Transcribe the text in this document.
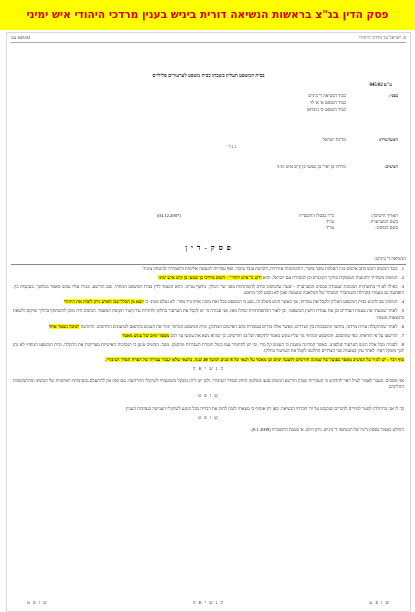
פסק הדין בג"צ בראשות הנשיאה דורית ביניש בענין מרדכי היהודי איש ימיני
ס. ישראל נגד מרדכי היהודי
845/02 עמ
בבית המשפט העליון בשבתו כבית משפט לערעורים פליליים
ע"פ 845/02
בפני:
כבוד הנשיאה ד' ביניש
כבוד השופט א' א' לוי
כבוד השופט ס' ג'ובראן
המערערת:
מדינת ישראל
נ ג ד
המשיב:
מרדכי בן יאיר בן שמעי בן קיש איש ימיני
תאריך הישיבה:
כ"ד בכסלו התשס"ח
בשם המערערת:
עו"ד
בשם המשיב:
עו"ד
(04.12.2007)
פ ס ק - ד י ן
הנשיאה ד' ביניש:
1.כנגד המשיב הוגש כתב אישום בגין העלמת עובד ציבור, התקוממות אזרחית, הקרעת עובד ציבור, ואף עבירות למעשה אלימות והשמירה לביטחון ציבור.
2.המשיב משתייך לתנועות העוסקות בחקר הקונגרס וכן למסורת עם ישראל, והוא ידוע כ"איש יהודי" - חשוב מרדכי בן שמעי בן קיש איש ימיני
3.כאילו לא די בתשתיות המגוונת שעמדה בבסיס המערערת - שעה שהמשיב סירב להשתחוות בפני שר המלך, נחשף עניינו, והוא הועמד לדין בבית המשפט המחוזי, שם הורשע, ונגזרו עליו עונש מאסר ממושך. בעקבות כך, הופתעה גם מעמדו בקהילה כשנתברר המבחר של המלאכה שנעשה ואכן לא נקבע לכך מראש.
4.המשיב שב להגיע בבית המשפט העליון ולקבל את עמדתו, אך כאשר הגיע בשלב זה, טען כי המשפט בכל זאת מזכה אותו ביד אחר. לא נעלם מעיני כי יוצא מן הכלל שבו האיש ניתן לזכות את היהודי
5.לאחר שמעתי את טענות הצדדים וכן את עמדת היועץ המשפטי, וכן לאור ההתפתחויות שחלו מאז, אני סבורה כי יש לקבל את הערעור בחלקו ולהורות על קיצור תקופת המאסר. המשיב היה מוכן להשתתף בהליך שיקום ולשאת בתוצאות מעשיו.
6.לאחר שהתקבלה עדות מרדכי, נחתמו ההסכמות בין הצדדים, כאשר אלה מודים בעובדות כתב האישום המתוקן, ובית המשפט המחוזי יגזור את העונש בהתאם לטיעונים החדשים. ההודעה ישיבה נשאר אחד
7.הורשעו על פי הודאתו, כפי שהוסכם, והמשפט המחוזי גזר עליו עונש מאסר לתקופה של 12 חודשים, כך שהוא נשא את עונשו עד תום מספר ימים של עונש מאסר
8.לסוגיה מכל אלה הוגש הערעור שלפנינו, כאשר המדינה טוענת כי העונש קל מדי, וכי יש להחמיר עמו בשל חומרת העבירות ומיקומן. מנגד, המשיב טוען כי הנסיבות האישיות מצדיקות את ההקלה, ובית המשפט המחוזי לא נתן לכך משקל ראוי. לאחר עיון בטענות שני הצדדים החלטנו לקבל את הערעור בחלקו.
סוף דבר : יש לגזור על המשיב מאסר בפועל של שמונה חודשים ותשעה ימים וכן מאסר על תנאי של 8 שנים למשך 20 שנה, בתנאי שלא יעבור עבירה של הפרת הסדר הציבורי.
ה נ ש י א ה
אני מסכים. מעבר לאמור לעיל ראוי להדגיש כי העבירות שבהן הורשע המשיב פגעו בשלטון החוק ובסדר הציבורי, ולכן יש ליתן משקל משמעותי לשיקולי ההרתעה. עם זאת אין להתעלם מנסיבותיו האישיות של המשיב ומהתמשכות ההליכים.
ש ו פ ט
כך לו אני ברוחלהו לסטר למידים לדברים שנקבעו על ידי חברתי הנשיאה. כאן רק אוסיף כי מצאתי לנכון לחזק את דבריה בכל הנוגע לשיקולי הענישה בנסיבות העניין.
ש ו פ ט
הוחלט כאמור בפסק-דינה של הנשיאה ד' ביניש. ניתן היום, א' בטבת התשס"ח (8.1.2008).
ש ו פ ט
ה נ ש י א ה
ש ו פ ט
